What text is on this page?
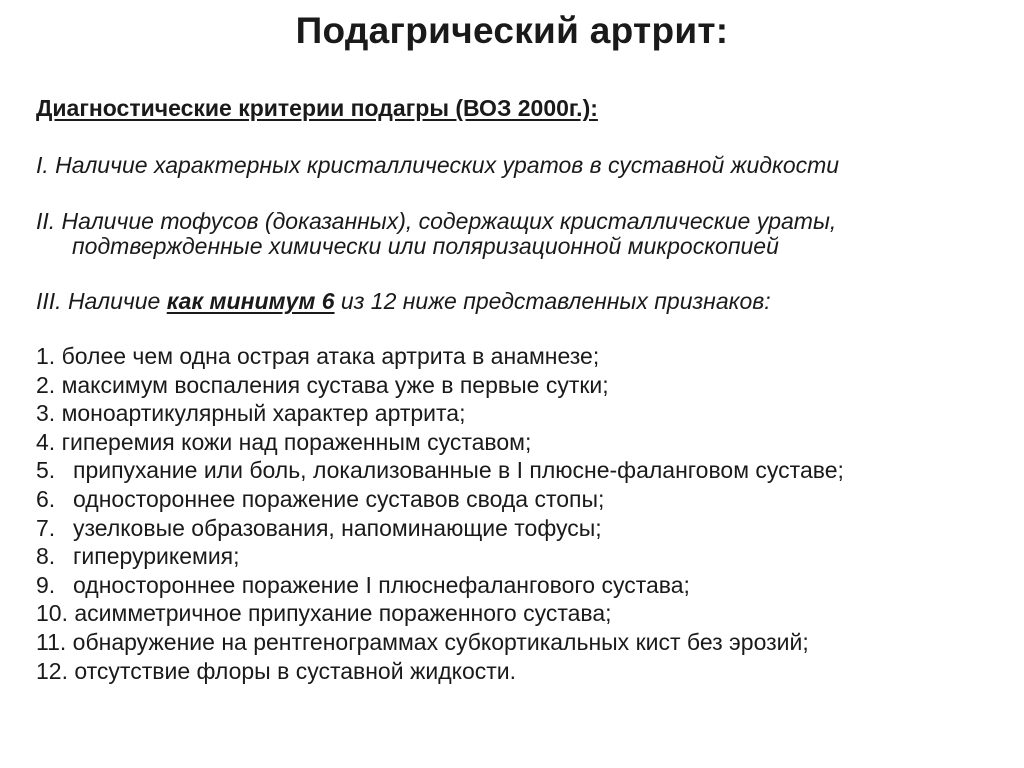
Подагрический артрит:
Диагностические критерии подагры (ВОЗ 2000г.):
I. Наличие характерных кристаллических уратов в суставной жидкости
II. Наличие тофусов (доказанных), содержащих кристаллические ураты,
подтвержденные химически или поляризационной микроскопией
III. Наличие как минимум 6 из 12 ниже представленных признаков:
1. более чем одна острая атака артрита в анамнезе;
2. максимум воспаления сустава уже в первые сутки;
3. моноартикулярный характер артрита;
4. гиперемия кожи над пораженным суставом;
5. припухание или боль, локализованные в I плюсне-фаланговом суставе;
6. одностороннее поражение суставов свода стопы;
7. узелковые образования, напоминающие тофусы;
8. гиперурикемия;
9. одностороннее поражение I плюснефалангового сустава;
10. асимметричное припухание пораженного сустава;
11. обнаружение на рентгенограммах субкортикальных кист без эрозий;
12. отсутствие флоры в суставной жидкости.
